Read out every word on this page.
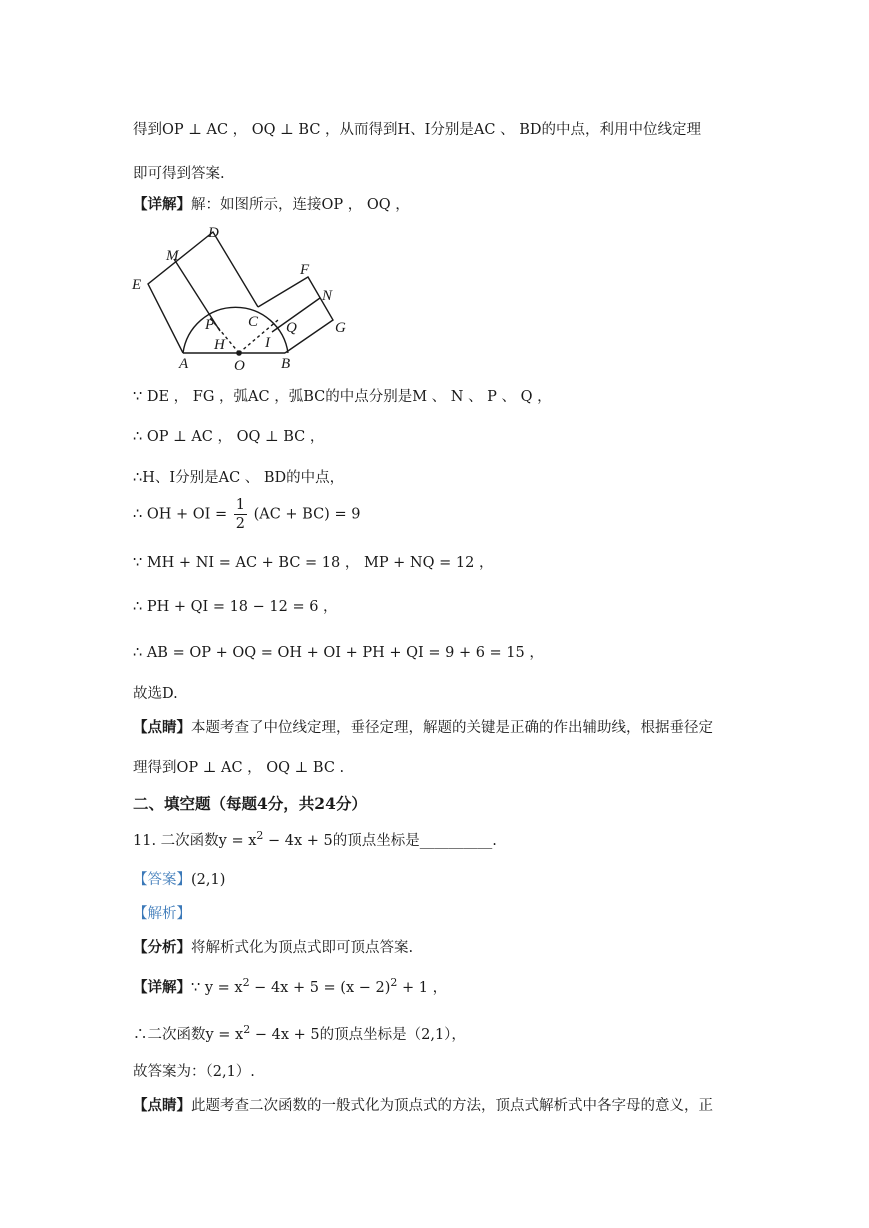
得到OP ⊥ AC ， OQ ⊥ BC ，从而得到H、I分别是AC 、 BD的中点，利用中位线定理
即可得到答案.
【详解】解：如图所示，连接OP ， OQ ，
D
M
E
F
N
G
P C Q
H	I
A	O B
∵ DE ， FG ，弧AC ，弧BC的中点分别是M 、 N 、 P 、 Q ，
∴ OP ⊥ AC ， OQ ⊥ BC ，
∴H、I分别是AC 、 BD的中点，
∴ OH + OI = $\frac{1}{2} (AC + BC) = 9$
∵ MH + NI = AC + BC = 18 ， MP + NQ = 12 ，
∴ PH + QI = 18 − 12 = 6 ，
∴ AB = OP + OQ = OH + OI + PH + QI = 9 + 6 = 15 ，
故选D.
【点睛】本题考查了中位线定理，垂径定理，解题的关键是正确的作出辅助线，根据垂径定
理得到OP ⊥ AC ， OQ ⊥ BC .
二、填空题（每题4分，共24分）
11. 二次函数$y = x^2 - 4x + 5$的顶点坐标是__________.
【答案】(2,1)
【解析】
【分析】将解析式化为顶点式即可顶点答案.
【详解】∵ $y = x^2 - 4x + 5 = (x - 2)^2 + 1$ ，
∴二次函数$y = x^2 - 4x + 5$的顶点坐标是（2,1），
故答案为：（2,1）.
【点睛】此题考查二次函数的一般式化为顶点式的方法，顶点式解析式中各字母的意义，正
